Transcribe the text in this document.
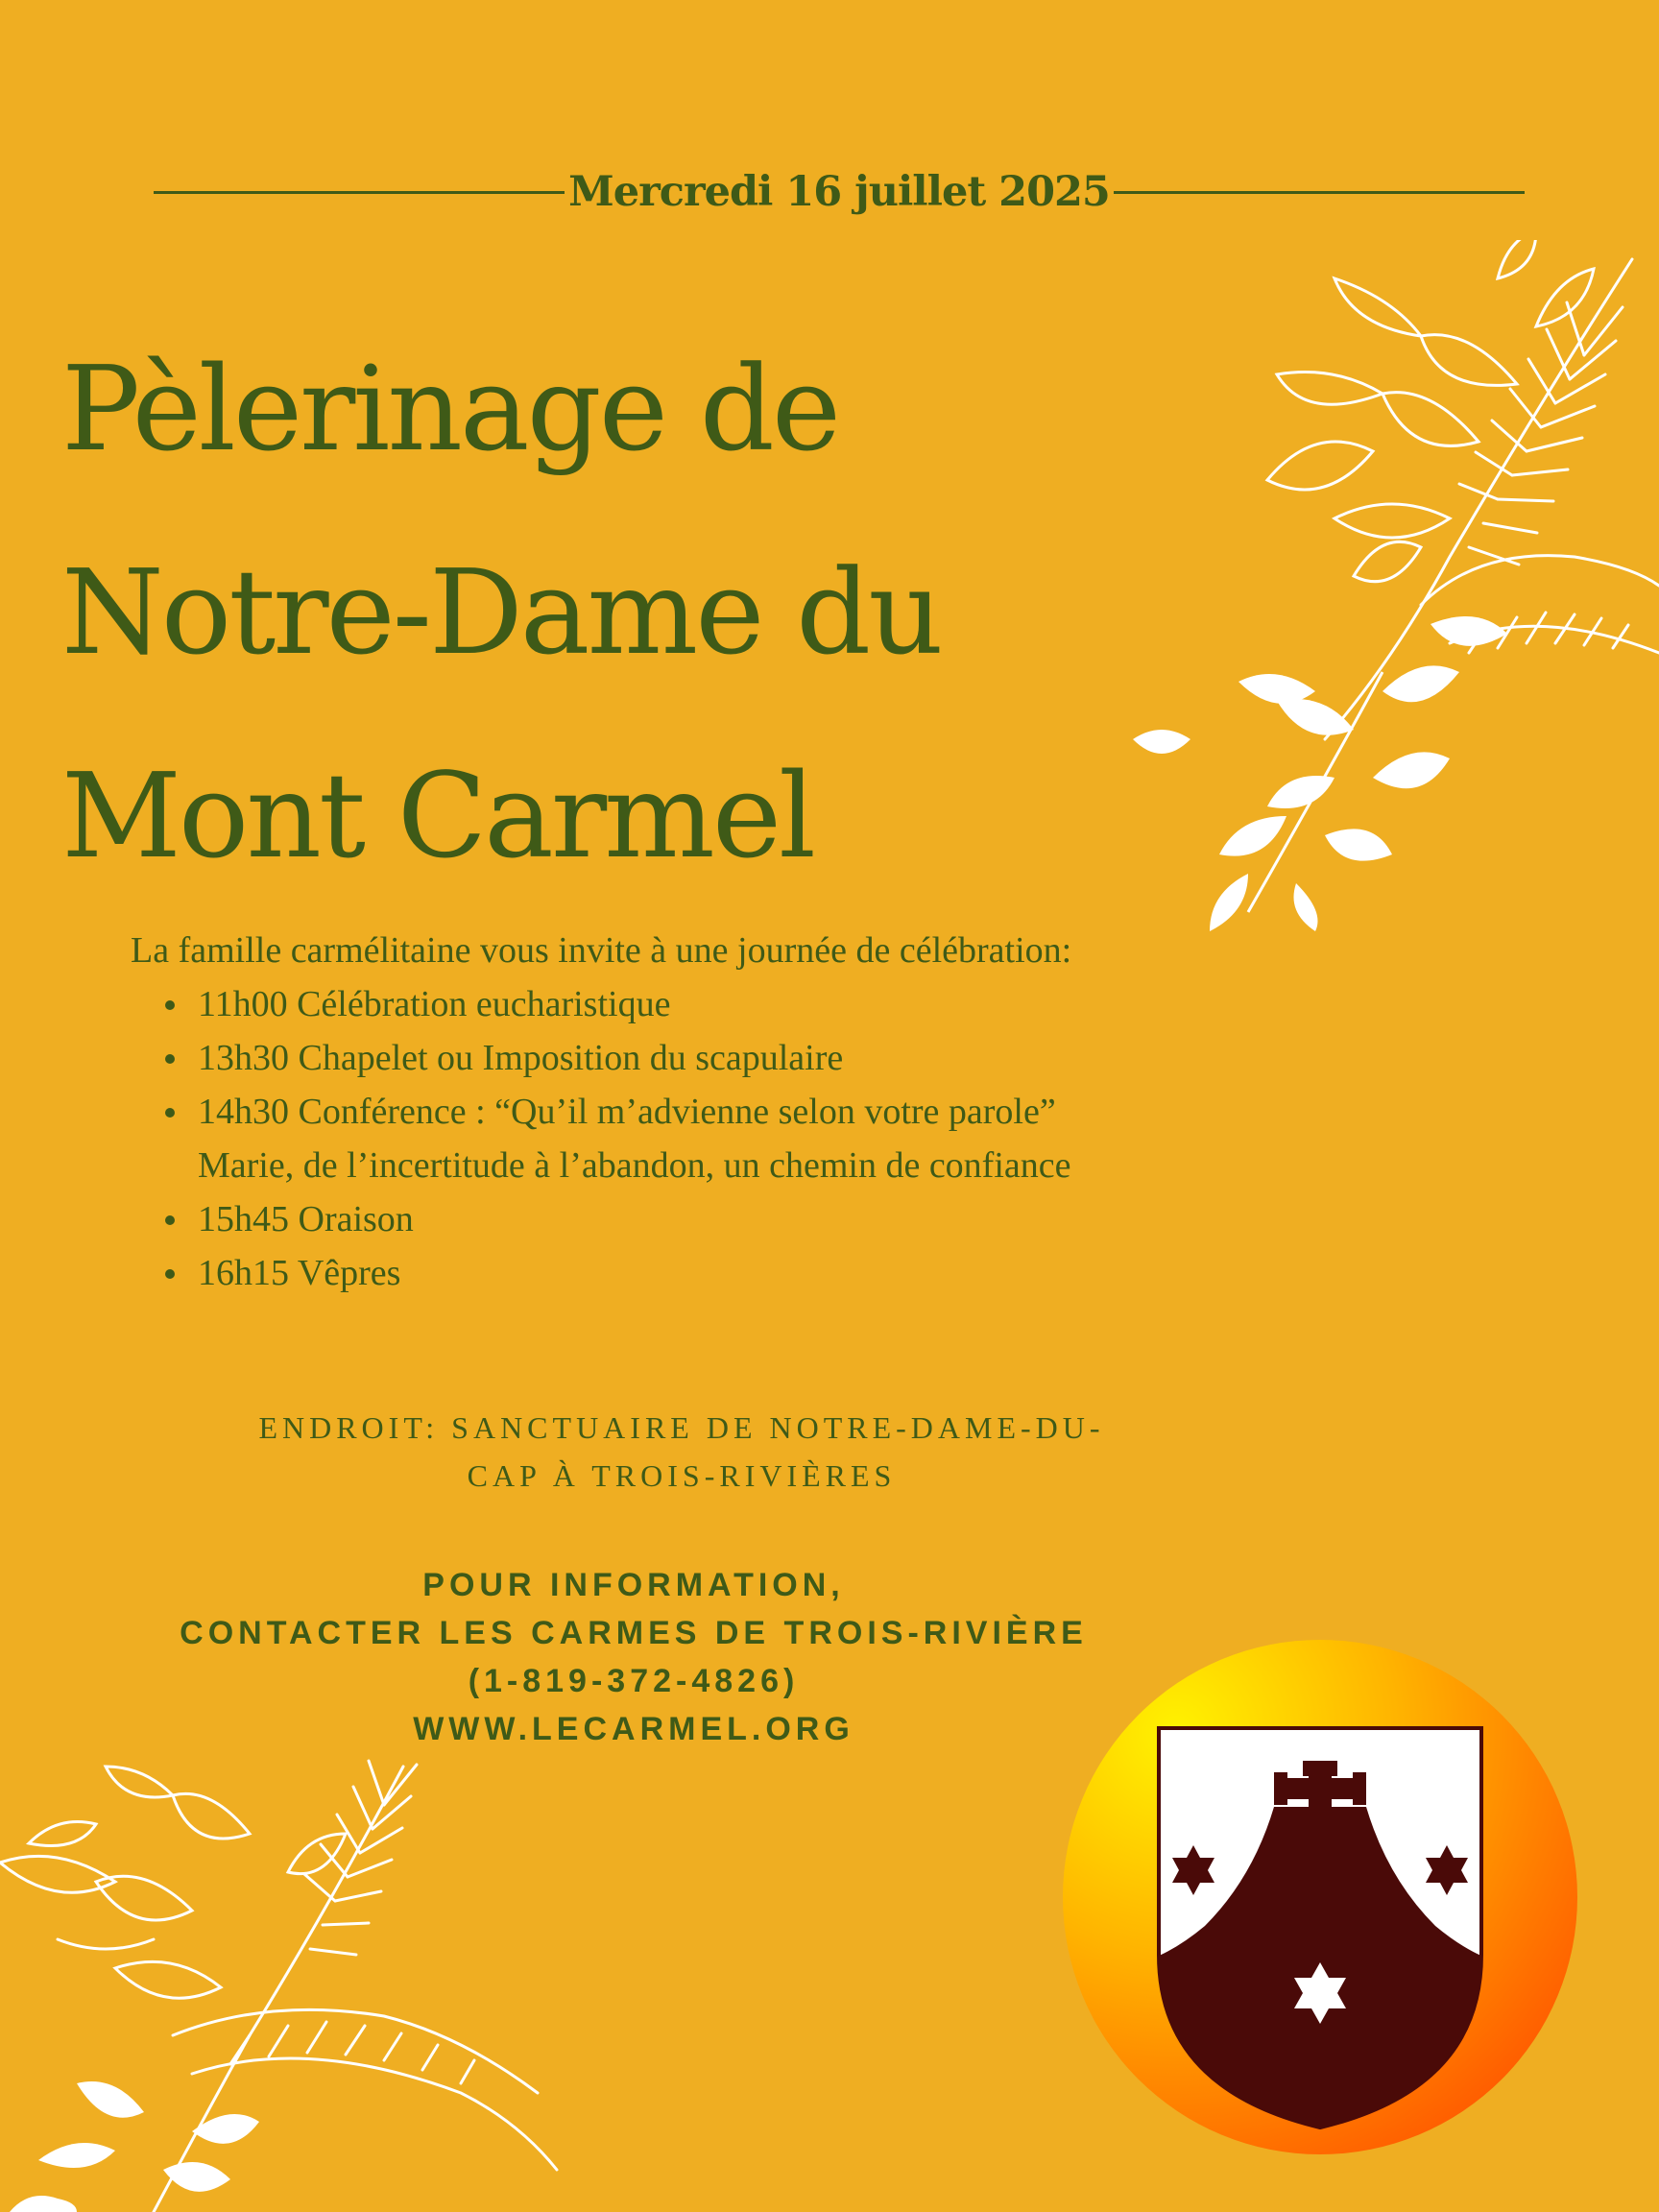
Mercredi 16 juillet 2025
Pèlerinage de
Notre-Dame du
Mont Carmel
La famille carmélitaine vous invite à une journée de célébration:
11h00 Célébration eucharistique
13h30 Chapelet ou Imposition du scapulaire
14h30 Conférence : “Qu’il m’advienne selon votre parole”
Marie, de l’incertitude à l’abandon, un chemin de confiance
15h45 Oraison
16h15 Vêpres
ENDROIT: SANCTUAIRE DE NOTRE-DAME-DU-
CAP À TROIS-RIVIÈRES
POUR INFORMATION,
CONTACTER LES CARMES DE TROIS-RIVIÈRE
(1-819-372-4826)
WWW.LECARMEL.ORG
